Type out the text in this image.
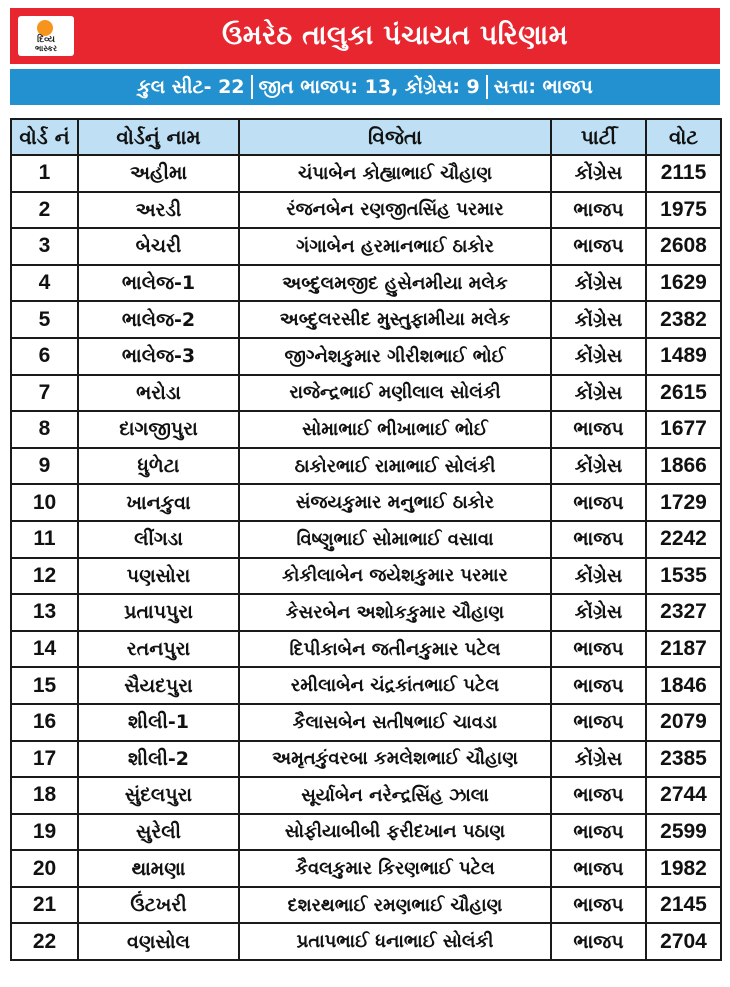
દિવ્ય
ભાસ્કર	ઉમરેઠ તાલુકા પંચાયત પરિણામ
કુલ સીટ- 22 જીત ભાજપ: 13, કોંગ્રેસ: 9 સત્તા: ભાજપ
વોર્ડ નં	વોર્ડનું નામ	વિજેતા	પાર્ટી	વોટ
1	અહીમા	ચંપાબેન કોહ્યાભાઈ ચૌહાણ	કોંગ્રેસ	2115
2	અરડી	રંજનબેન રણજીતસિંહ પરમાર	ભાજપ	1975
3	બેચરી	ગંગાબેન હરમાનભાઈ ઠાકોર	ભાજપ	2608
4	ભાલેજ-1	અબ્દુલમજીદ હુસેનમીયા મલેક	કોંગ્રેસ	1629
5	ભાલેજ-2	અબ્દુલરસીદ મુસ્તુફામીયા મલેક	કોંગ્રેસ	2382
6	ભાલેજ-3	જીગ્નેશકુમાર ગીરીશભાઈ ભોઈ	કોંગ્રેસ	1489
7	ભરોડા	રાજેન્દ્રભાઈ મણીલાલ સોલંકી	કોંગ્રેસ	2615
8	દાગજીપુરા	સોમાભાઈ ભીખાભાઈ ભોઈ	ભાજપ	1677
9	ધુળેટા	ઠાકોરભાઈ રામાભાઈ સોલંકી	કોંગ્રેસ	1866
10	ખાનકુવા	સંજયકુમાર મનુભાઈ ઠાકોર	ભાજપ	1729
11	લીંગડા	વિષ્ણુભાઈ સોમાભાઈ વસાવા	ભાજપ	2242
12	પણસોરા	કોકીલાબેન જયેશકુમાર પરમાર	કોંગ્રેસ	1535
13	પ્રતાપપુરા	કેસરબેન અશોકકુમાર ચૌહાણ	કોંગ્રેસ	2327
14	રતનપુરા	દિપીકાબેન જતીનકુમાર પટેલ	ભાજપ	2187
15	સૈયદપુરા	રમીલાબેન ચંદ્રકાંતભાઈ પટેલ	ભાજપ	1846
16	શીલી-1	કૈલાસબેન સતીષભાઈ ચાવડા	ભાજપ	2079
17	શીલી-2	અમૃતકુંવરબા કમલેશભાઈ ચૌહાણ	કોંગ્રેસ	2385
18	સુંદલપુરા	સૂર્યાબેન નરેન્દ્રસિંહ ઝાલા	ભાજપ	2744
19	સુરેલી	સોફીયાબીબી ફરીદખાન પઠાણ	ભાજપ	2599
20	થામણા	કૈવલકુમાર કિરણભાઈ પટેલ	ભાજપ	1982
21	ઉંટખરી	દશરથભાઈ રમણભાઈ ચૌહાણ	ભાજપ	2145
22	વણસોલ	પ્રતાપભાઈ ધનાભાઈ સોલંકી	ભાજપ	2704
